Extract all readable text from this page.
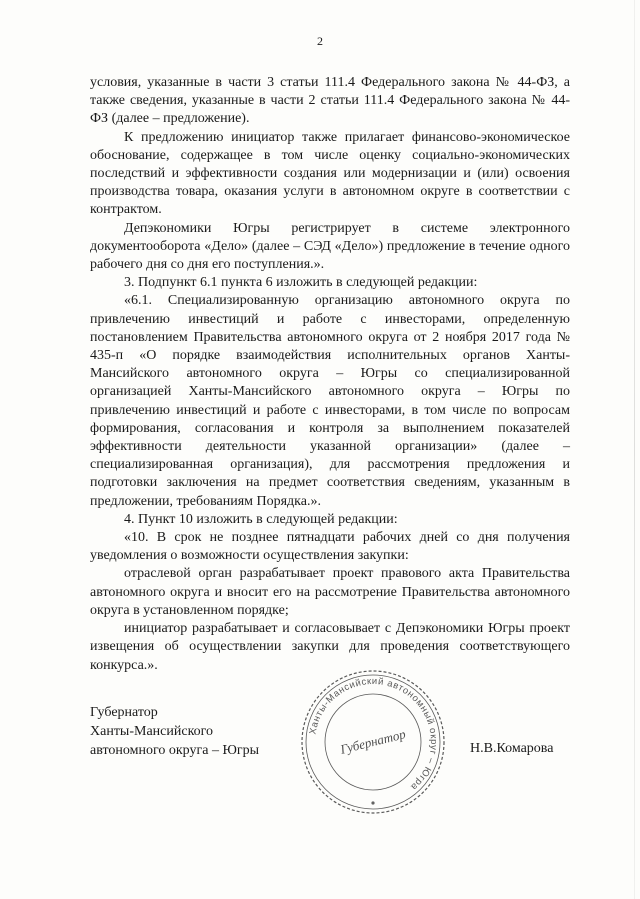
2

условия, указанные в части 3 статьи 111.4 Федерального закона № 44-ФЗ, а также сведения, указанные в части 2 статьи 111.4 Федерального закона № 44-ФЗ (далее – предложение).

К предложению инициатор также прилагает финансово-экономическое обоснование, содержащее в том числе оценку социально-экономических последствий и эффективности создания или модернизации и (или) освоения производства товара, оказания услуги в автономном округе в соответствии с контрактом.

Депэкономики Югры регистрирует в системе электронного документооборота «Дело» (далее – СЭД «Дело») предложение в течение одного рабочего дня со дня его поступления.».

3. Подпункт 6.1 пункта 6 изложить в следующей редакции:

«6.1. Специализированную организацию автономного округа по привлечению инвестиций и работе с инвесторами, определенную постановлением Правительства автономного округа от 2 ноября 2017 года № 435-п «О порядке взаимодействия исполнительных органов Ханты-Мансийского автономного округа – Югры со специализированной организацией Ханты-Мансийского автономного округа – Югры по привлечению инвестиций и работе с инвесторами, в том числе по вопросам формирования, согласования и контроля за выполнением показателей эффективности деятельности указанной организации» (далее – специализированная организация), для рассмотрения предложения и подготовки заключения на предмет соответствия сведениям, указанным в предложении, требованиям Порядка.».

4. Пункт 10 изложить в следующей редакции:

«10. В срок не позднее пятнадцати рабочих дней со дня получения уведомления о возможности осуществления закупки:

отраслевой орган разрабатывает проект правового акта Правительства автономного округа и вносит его на рассмотрение Правительства автономного округа в установленном порядке;

инициатор разрабатывает и согласовывает с Депэкономики Югры проект извещения об осуществлении закупки для проведения соответствующего конкурса.».

Губернатор
Ханты-Мансийского
автономного округа – Югры	Н.В.Комарова
Ханты-Мансийский автономный округ – Югра
Губернатор
